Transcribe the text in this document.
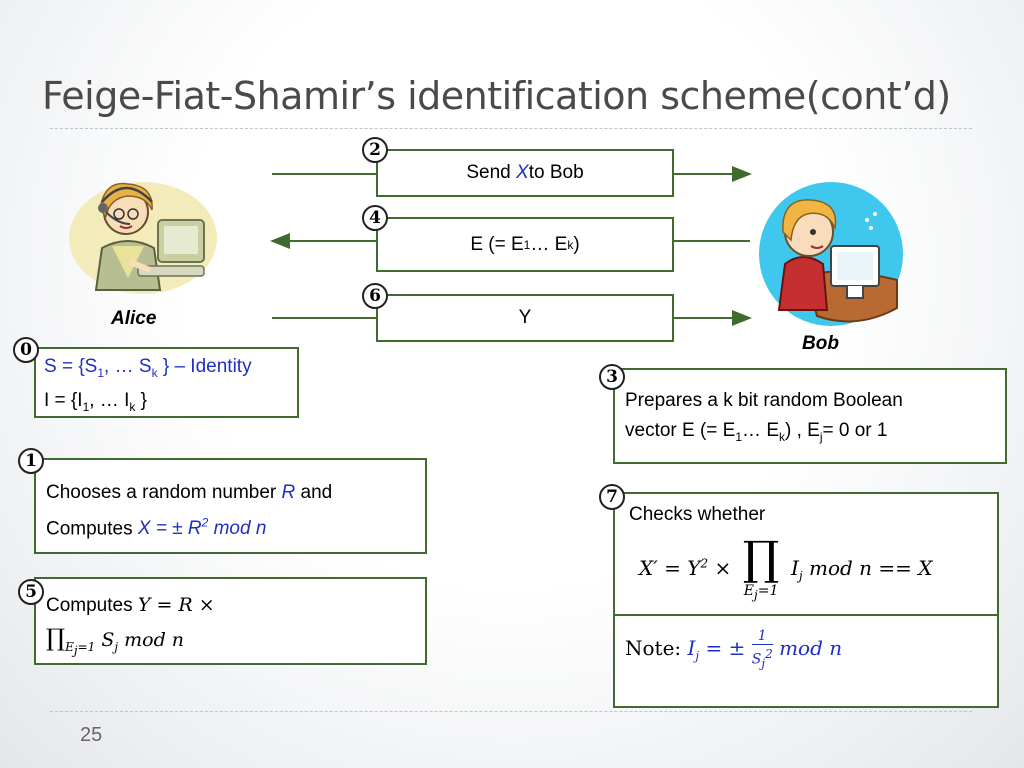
Feige-Fiat-Shamir’s identification scheme(cont’d)
Alice
Bob
Send
X to Bob
2
E (= E 1 … E k )
4
Y
6
$S = \{S_1$, … $S_k$ } – Identity
$I = \{I_1$, … $I_k$ }
0
Chooses a random number R and
Computes X = ± $R^2$ mod n
1
Computes Y = R ×
$\prod_{E_j=1}$ $S_j$ mod n
5
Prepares a k bit random Boolean
vector E (= $E_1\dots$ $E_k$) , $E_j= 0$ or 1
3
Checks whether
$X' = Y^2$ × ∏
$E_j=1$ $I_j$ mod n == X
Note: $I_j$ = ± $\frac{1}{S_j^2}$ mod n
7
25
